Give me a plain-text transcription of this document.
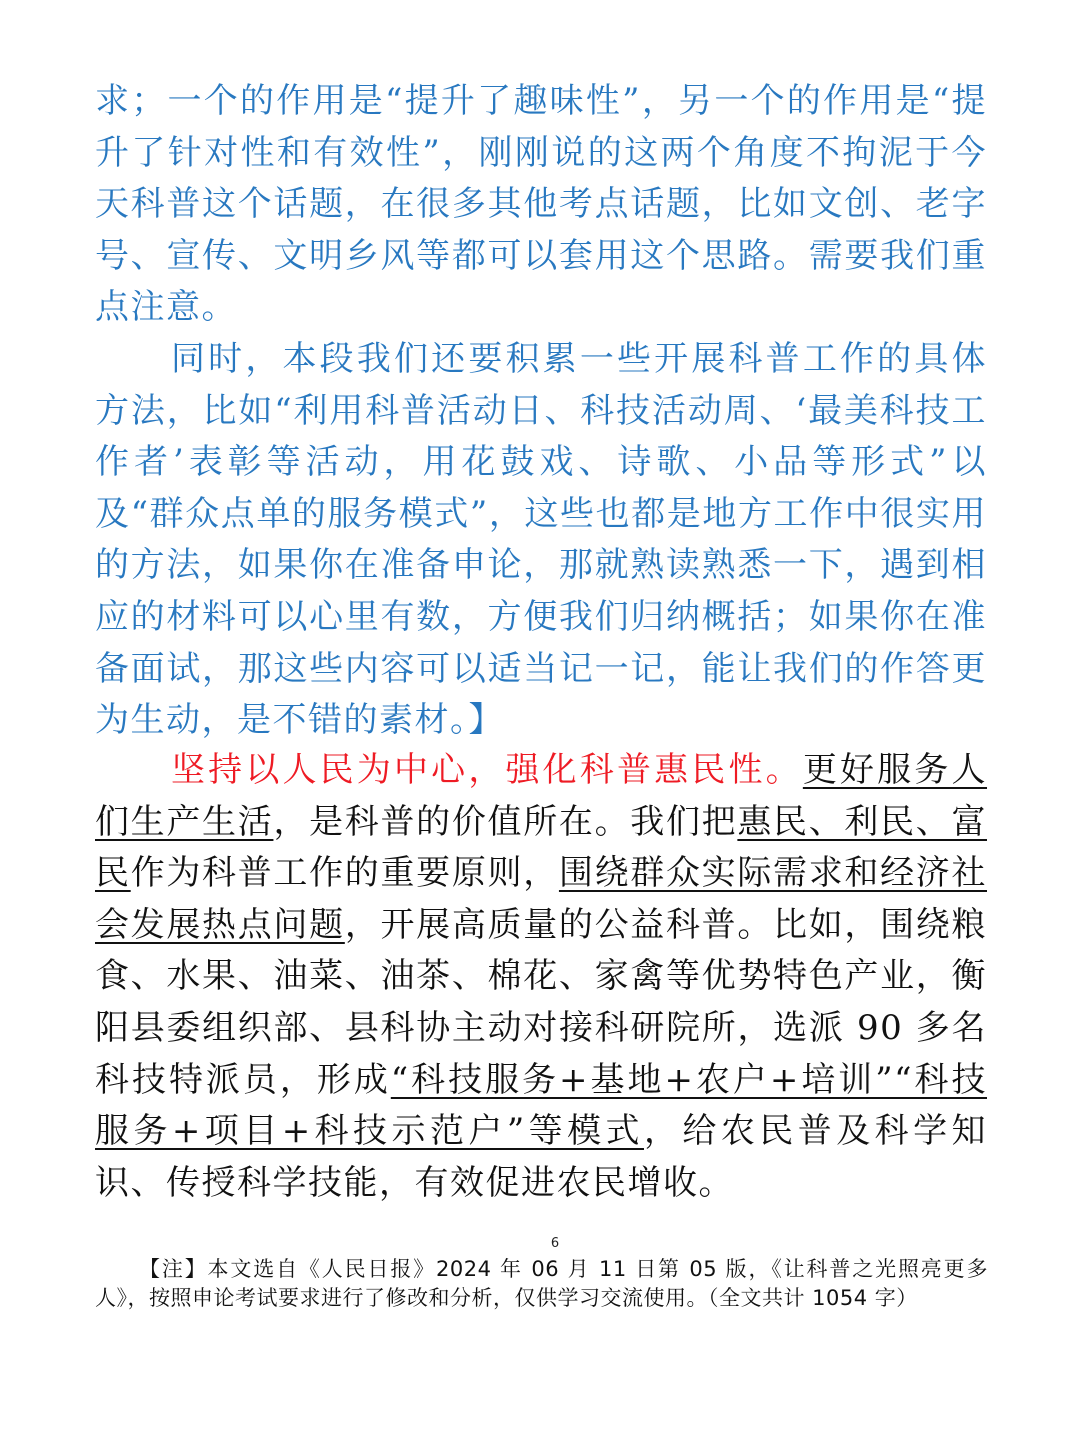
求；一个的作用是“提升了趣味性”，另一个的作用是“提升了针对性和有效性”，刚刚说的这两个角度不拘泥于今天科普这个话题，在很多其他考点话题，比如文创、老字号、宣传、文明乡风等都可以套用这个思路。需要我们重点注意。

同时，本段我们还要积累一些开展科普工作的具体方法，比如“利用科普活动日、科技活动周、‘最美科技工作者’表彰等活动，用花鼓戏、诗歌、小品等形式”以及“群众点单的服务模式”，这些也都是地方工作中很实用的方法，如果你在准备申论，那就熟读熟悉一下，遇到相应的材料可以心里有数，方便我们归纳概括；如果你在准备面试，那这些内容可以适当记一记，能让我们的作答更为生动，是不错的素材。】

坚持以人民为中心，强化科普惠民性。更好服务人们生产生活，是科普的价值所在。我们把惠民、利民、富民作为科普工作的重要原则，围绕群众实际需求和经济社会发展热点问题，开展高质量的公益科普。比如，围绕粮食、水果、油菜、油茶、棉花、家禽等优势特色产业，衡阳县委组织部、县科协主动对接科研院所，选派 90 多名科技特派员，形成“科技服务+基地+农户+培训”“科技服务+项目+科技示范户”等模式，给农民普及科学知识、传授科学技能，有效促进农民增收。

6

【注】本文选自《人民日报》2024 年 06 月 11 日第 05 版，《让科普之光照亮更多人》，按照申论考试要求进行了修改和分析，仅供学习交流使用。（全文共计 1054 字）
